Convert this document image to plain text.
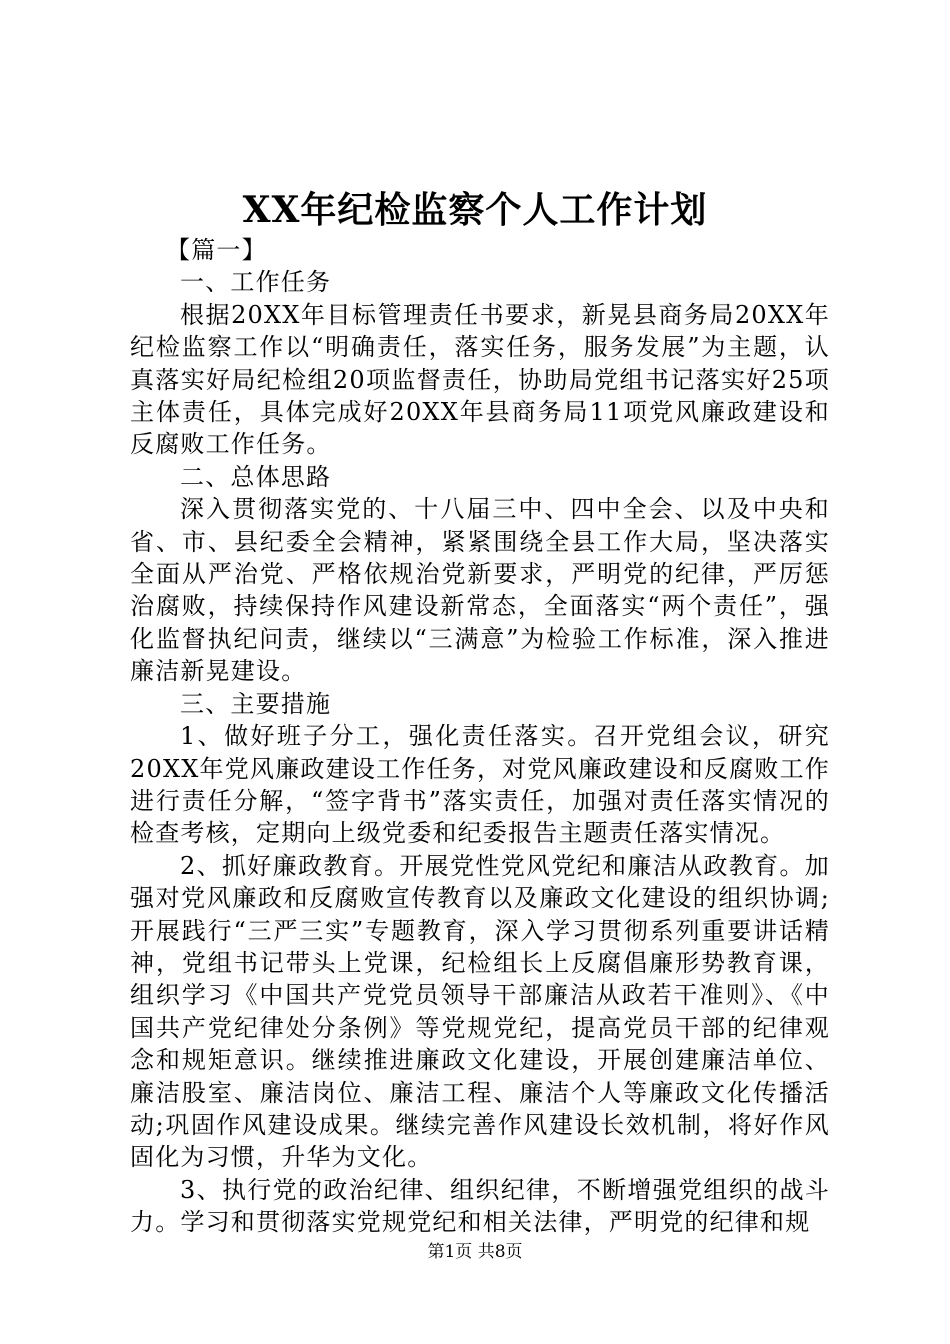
XX年纪检监察个人工作计划

【篇一】

一、工作任务

根据20XX年目标管理责任书要求，新晃县商务局20XX年纪检监察工作以“明确责任，落实任务，服务发展”为主题，认真落实好局纪检组20项监督责任，协助局党组书记落实好25项主体责任，具体完成好20XX年县商务局11项党风廉政建设和反腐败工作任务。

二、总体思路

深入贯彻落实党的、十八届三中、四中全会、以及中央和省、市、县纪委全会精神，紧紧围绕全县工作大局，坚决落实全面从严治党、严格依规治党新要求，严明党的纪律，严厉惩治腐败，持续保持作风建设新常态，全面落实“两个责任”，强化监督执纪问责，继续以“三满意”为检验工作标准，深入推进廉洁新晃建设。

三、主要措施

1、做好班子分工，强化责任落实。召开党组会议，研究20XX年党风廉政建设工作任务，对党风廉政建设和反腐败工作进行责任分解，“签字背书”落实责任，加强对责任落实情况的检查考核，定期向上级党委和纪委报告主题责任落实情况。

2、抓好廉政教育。开展党性党风党纪和廉洁从政教育。加强对党风廉政和反腐败宣传教育以及廉政文化建设的组织协调;开展践行“三严三实”专题教育，深入学习贯彻系列重要讲话精神，党组书记带头上党课，纪检组长上反腐倡廉形势教育课，组织学习《中国共产党党员领导干部廉洁从政若干准则》、《中国共产党纪律处分条例》等党规党纪，提高党员干部的纪律观念和规矩意识。继续推进廉政文化建设，开展创建廉洁单位、廉洁股室、廉洁岗位、廉洁工程、廉洁个人等廉政文化传播活动;巩固作风建设成果。继续完善作风建设长效机制，将好作风固化为习惯，升华为文化。

3、执行党的政治纪律、组织纪律，不断增强党组织的战斗力。学习和贯彻落实党规党纪和相关法律，严明党的纪律和规

第1页 共8页
